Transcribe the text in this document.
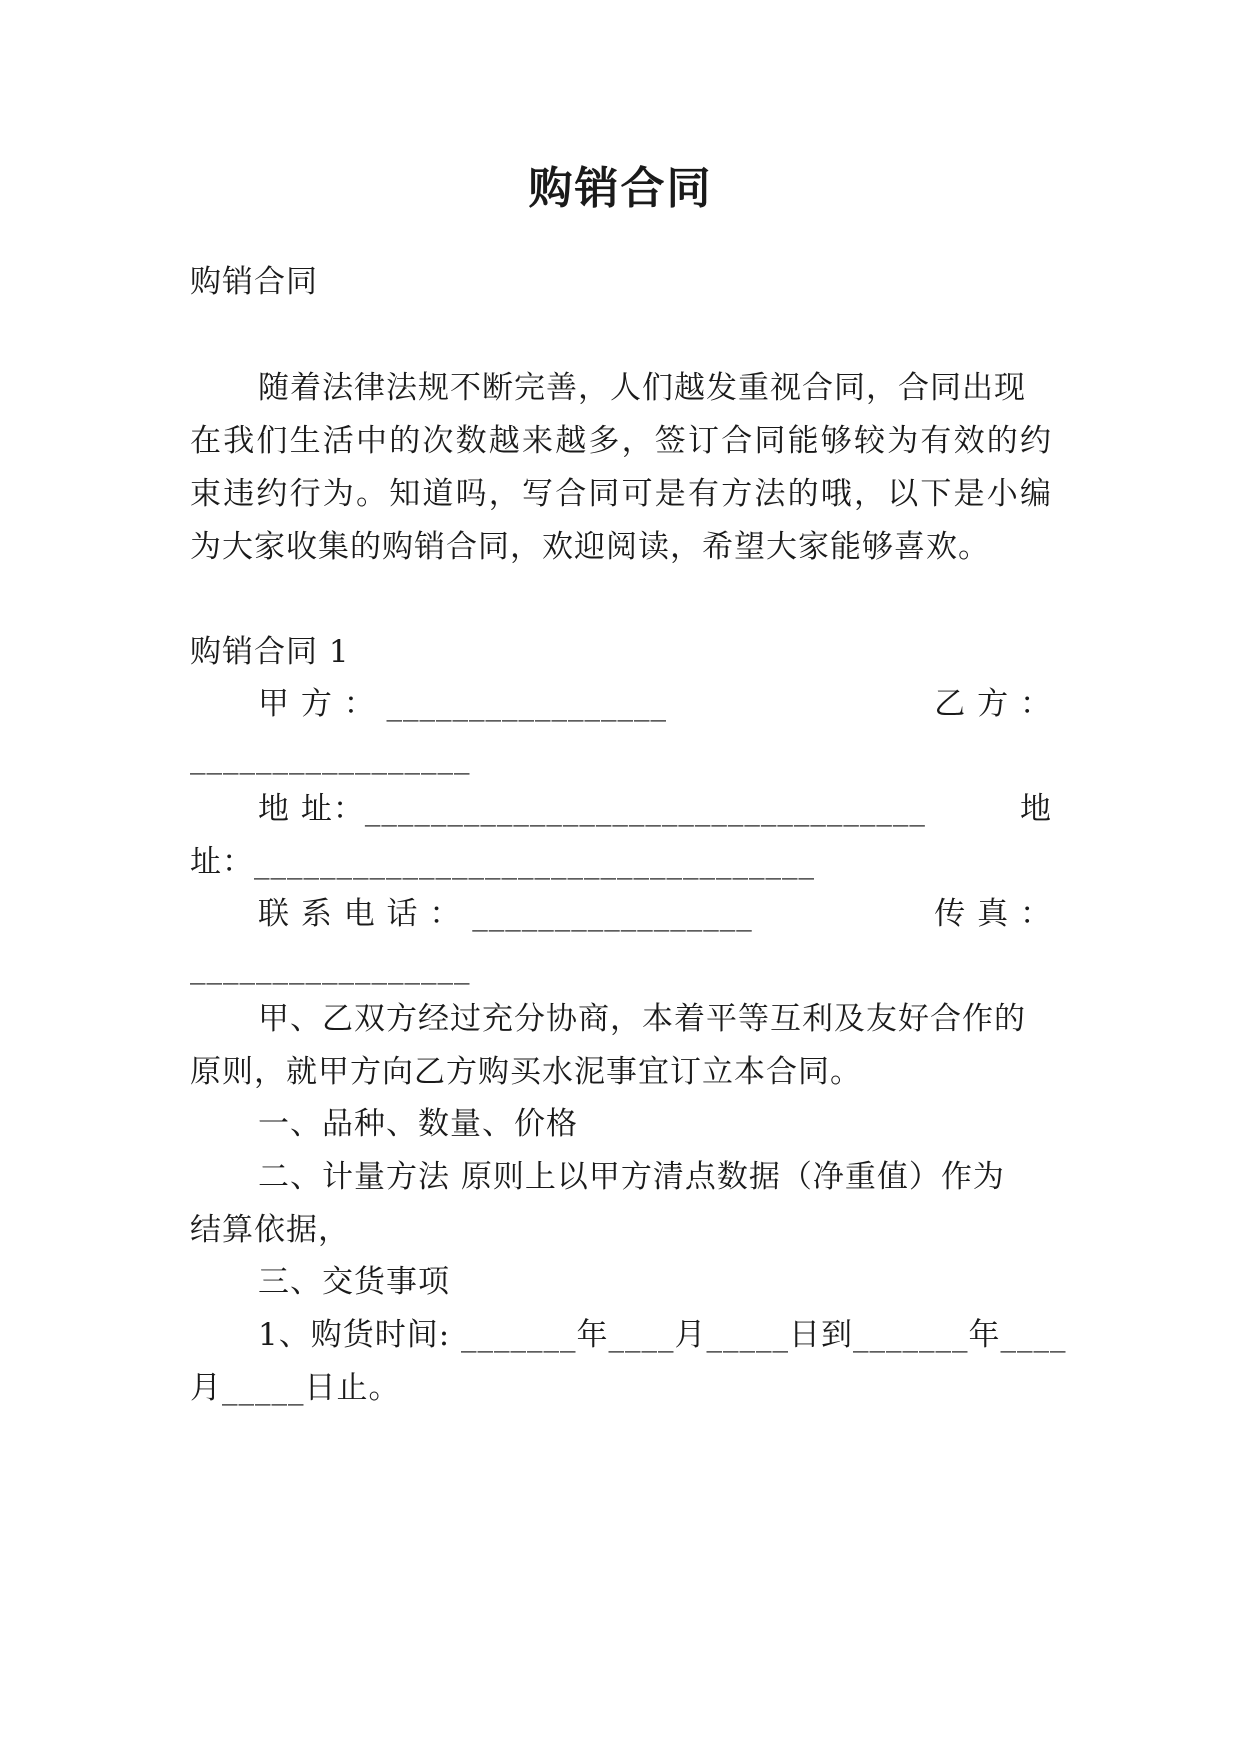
购销合同
购销合同
随着法律法规不断完善，人们越发重视合同，合同出现
在我们生活中的次数越来越多，签订合同能够较为有效的约
束违约行为。知道吗，写合同可是有方法的哦，以下是小编
为大家收集的购销合同，欢迎阅读，希望大家能够喜欢。
购销合同 1
甲 方 ： _________________	乙 方 ：
_________________
地 址：__________________________________	地
址：__________________________________
联 系 电 话 ： _________________	传 真 ：
_________________
甲、乙双方经过充分协商，本着平等互利及友好合作的
原则，就甲方向乙方购买水泥事宜订立本合同。
一、品种、数量、价格
二、计量方法 原则上以甲方清点数据（净重值）作为
结算依据，
三、交货事项
1、购货时间: _______年____月_____日到_______年____
月_____日止。
